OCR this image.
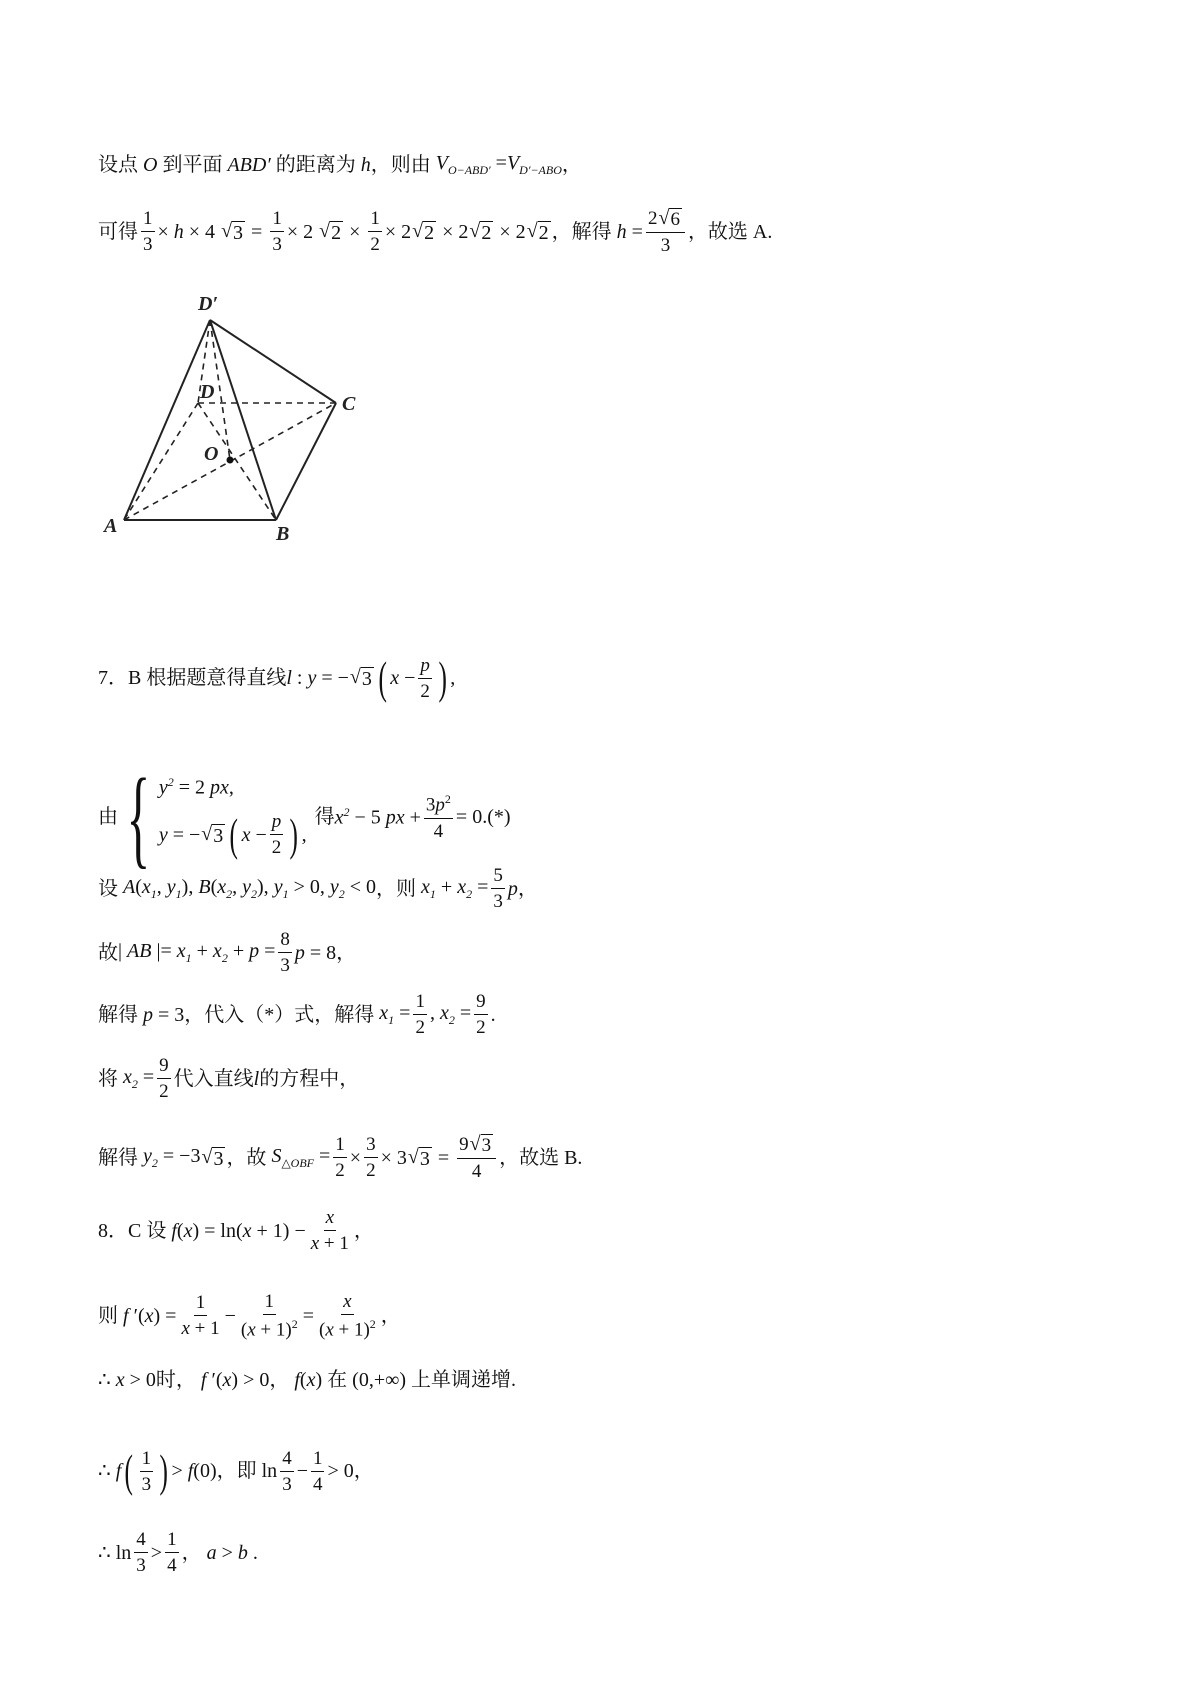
设点 O 到平面 ABD′ 的距离为 h ，则由 $V_{O-ABD'} =V_{D'-ABO}$ ，
可得 $\frac{1}{3} \times h \times 4$ √ $3 = \frac{1}{3} \times 2$ √ $2 \times \frac{1}{2} \times 2$ √ 2 × 2 √ 2 × 2 √ 2 ，解得 $h = \frac{2 √ 6}{3}$ ，故选 A.
D′
D
C
O
A	B
7．B 根据题意得直线 l : y = − √ 3 ( $x - \frac{p}{2}$ ) ,
由 { $y^2 = 2$ px,
y = − √ 3 ( $x - \frac{p}{2}$ ) ,
得 $x^2 - 5$ px + $\frac{3p^2}{4} = 0.(*)$
设 $A(x_1$, $y_1$), $B(x_2$, $y_2$), $y_1 > 0$, $y_2 < 0$ ，则 $x_1 + x_2 = \frac{5}{3}$ p ，
故 | AB |= $x_1 + x_2 + p = \frac{8}{3}$ p = 8 ，
解得 p = 3 ，代入（*）式，解得 $x_1 = \frac{1}{2}$ , $x_2 = \frac{9}{2}$ .
将 $x_2 = \frac{9}{2}$ 代入直线 l 的方程中，
解得 $y_2 = -3$ √ 3 ，故 $S_{\triangle OBF} = \frac{1}{2} \times \frac{3}{2} \times 3$ √ $3 = \frac{9 √ 3}{4}$ ，故选 B.
8．C 设 $f(x) = \ln(x + 1) - \frac{x}{x + 1}$ ，
则 f $'(x) = \frac{1}{x + 1} - \frac{1}{(x + 1)^2} = \frac{x}{(x + 1)^2}$ ，
∴ x > 0 时， f ′(x) > 0 ， f(x) 在 (0,+∞) 上单调递增.
∴ f ( $\frac{1}{3}$ ) > f(0) ，即 $\ln \frac{4}{3} - \frac{1}{4} > 0$ ，
∴ $\ln \frac{4}{3} > \frac{1}{4}$ ， a > b .
